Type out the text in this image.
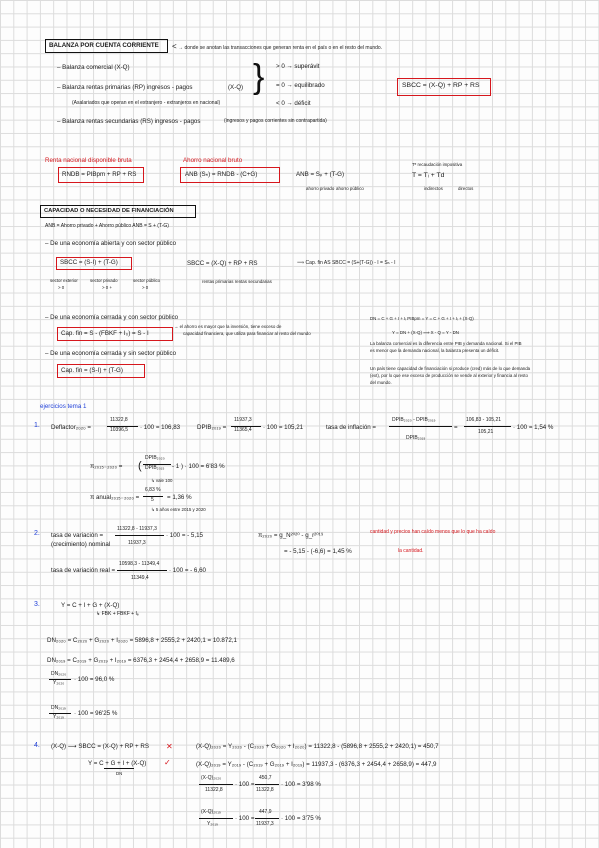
BALANZA POR CUENTA CORRIENTE < → donde se anotan las transacciones que generan renta en el país o en el resto del mundo.
– Balanza comercial (X-Q)
– Balanza rentas primarias (RP) ingresos - pagos	(X-Q) } > 0 → superávit
= 0 → equilibrado
< 0 → déficit
(Asalariados que operan en el extranjero - extranjeros en nacional)
– Balanza rentas secundarias (RS) ingresos - pagos	(ingresos y pagos corrientes sin contrapartida)
SBCC = (X-Q) + RP + RS
Renta nacional disponible bruta
RNDB = PIBpm + RP + RS
Ahorro nacional bruto
ANB (Sₙ) = RNDB - (C+G)	ANB = Sₚ + (T-G)
ahorro privado ahorro público
Tᵉ recaudación impositiva
T = Tᵢ + Td
indirectos	directos
CAPACIDAD O NECESIDAD DE FINANCIACIÓN
ANB = Ahorro privado + Ahorro público ANB = S + (T-G)
– De una economía abierta y con sector público
SBCC = (S-I) + (T-G)	SBCC = (X-Q) + RP + RS	⟹ Cap. fin AS SBCC = (S+(T-G)) - I = Sₙ - I
sector exterior	sector privado	sector público
> 0	> 0 +	> 0
rentas primarias rentas secundarias
– De una economía cerrada y con sector público
Cap. fin = S - (FBKF + I₀) = S - I
→ el ahorro es mayor que la inversión, tiene exceso de
capacidad financiera, que utiliza para financiar al resto del mundo
– De una economía cerrada y sin sector público
Cap. fin = (S-I) + (T-G)
DN = C + G + I + Iᵢ PIBpm = Y = C + G + I + Iᵢ + (X-Q)
Y = DN + (X-Q) ⟹ X - Q = Y - DN
La balanza comercial es la diferencia entre PIB y demanda nacional. Si el PIB
es menor que la demanda nacional, la balanza presenta un déficit.
Un país tiene capacidad de financiación si produce (cred) más de lo que demanda
(ext), por lo que ese exceso de producción se vende al exterior y financia al resto
del mundo.
ejercicios tema 1
1. Deflactor₂₀₂₀ =
11322,8
10396,5 · 100 = 106,83	DPIB₂₀₁₉ =
11937,3
11365,4 · 100 = 105,21	tasa de inflación =
DPIB₂₀₂₀ - DPIB₂₀₁₉
DPIB₂₀₁₉
=
106,83 - 105,21
105,21
· 100 = 1,54 %
π₂₀₁₅₋₂₀₂₀ = (
DPIB₂₀₂₀
DPIB₂₀₁₅ - 1 ) · 100 = 6'83 %
↳ vale 100
π anual₂₀₁₅₋₂₀₂₀ =
6,83 %
5 = 1,36 %
↳ 5 años entre 2015 y 2020
2. tasa de variación =
(crecimiento) nominal
11322,8 - 11937,3
11937,3
· 100 = - 5,15	π₂₀₂₀ = g_N²⁰²⁰ - g_r²⁰¹⁹
= - 5,15 - (-6,6) = 1,45 %
cantidad y precios han caído menos que lo que ha caído
la cantidad.
tasa de variación real =
10598,3 - 11349,4
11349,4
· 100 = - 6,60
3.	Y = C + I + G + (X-Q)
↳ FBK + FBKF + Iₑ
DN₂₀₂₀ = C₂₀₂₀ + G₂₀₂₀ + I₂₀₂₀ = 5896,8 + 2555,2 + 2420,1 = 10.872,1
DN₂₀₁₉ = C₂₀₁₉ + G₂₀₁₉ + I₂₀₁₉ = 6376,3 + 2454,4 + 2658,9 = 11.489,6
DN₂₀₂₀
Y₂₀₂₀ · 100 = 96,0 %
DN₂₀₁₉
Y₂₀₁₉ · 100 = 96'25 %
4. (X-Q) ⟶ SBCC = (X-Q) + RP + RS ✕
Y = C + G + I + (X-Q) ✓
DN
(X-Q)₂₀₂₀ = Y₂₀₂₀ - (C₂₀₂₀ + G₂₀₂₀ + I₂₀₂₀) = 11322,8 - (5896,8 + 2555,2 + 2420,1) = 450,7
(X-Q)₂₀₁₉ = Y₂₀₁₉ - (C₂₀₁₉ + G₂₀₁₉ + I₂₀₁₉) = 11937,3 - (6376,3 + 2454,4 + 2658,9) = 447,9
(X-Q)₂₀₂₀
11322,8
· 100 =
450,7
11322,8
· 100 = 3'98 %
(X-Q)₂₀₁₉
Y₂₀₁₉
· 100 =
447,9
11937,3
· 100 = 3'75 %
